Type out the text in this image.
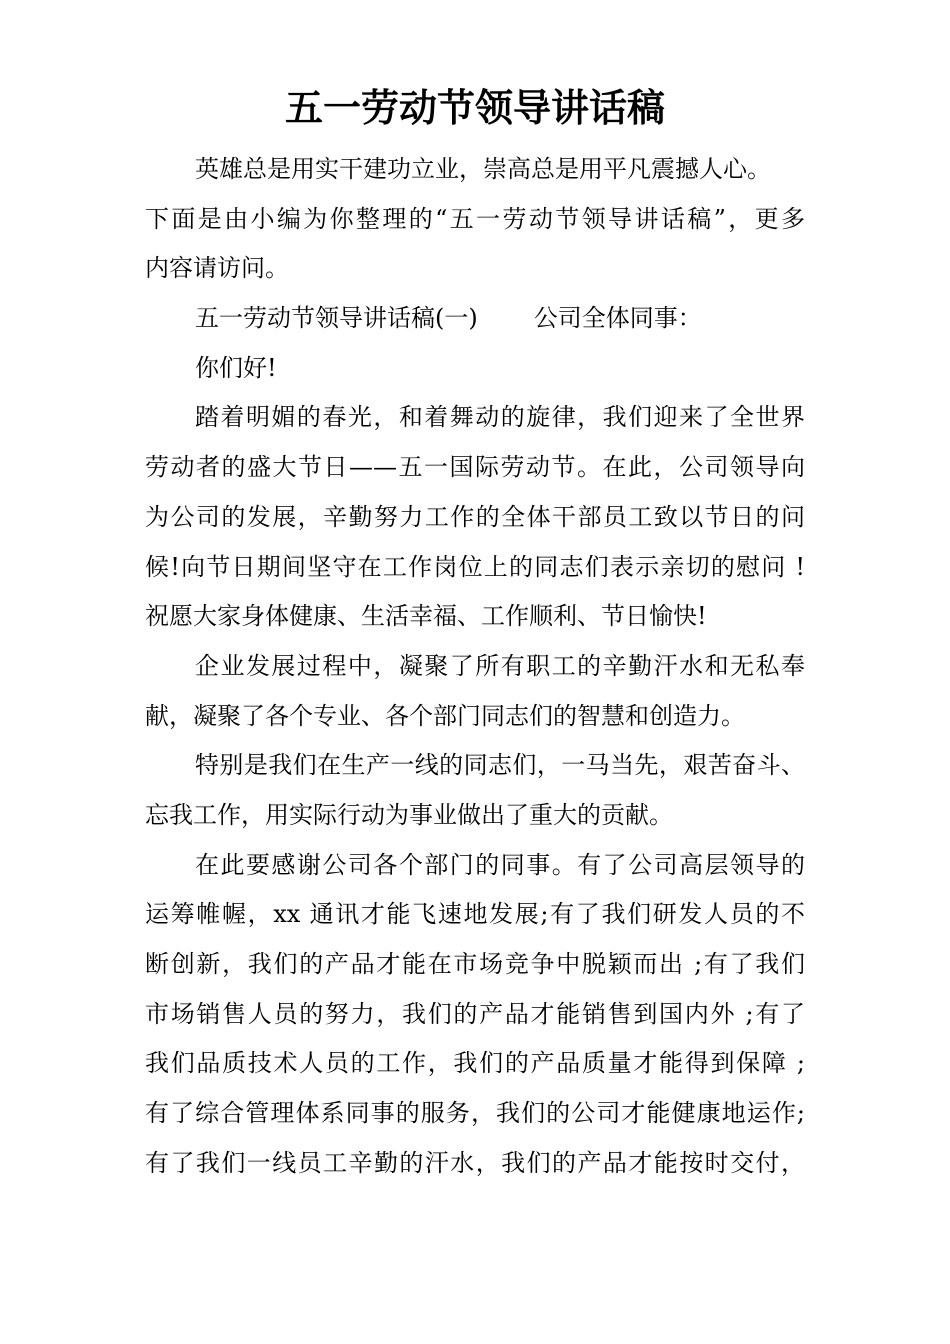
五一劳动节领导讲话稿
英雄总是用实干建功立业，崇高总是用平凡震撼人心。
下面是由小编为你整理的“五一劳动节领导讲话稿”，更多
内容请访问。
五一劳动节领导讲话稿(一) 公司全体同事：
你们好!
踏着明媚的春光，和着舞动的旋律，我们迎来了全世界
劳动者的盛大节日——五一国际劳动节。在此，公司领导向
为公司的发展，辛勤努力工作的全体干部员工致以节日的问
候!向节日期间坚守在工作岗位上的同志们表示亲切的慰问 !
祝愿大家身体健康、生活幸福、工作顺利、节日愉快!
企业发展过程中，凝聚了所有职工的辛勤汗水和无私奉
献，凝聚了各个专业、各个部门同志们的智慧和创造力。
特别是我们在生产一线的同志们，一马当先，艰苦奋斗、
忘我工作，用实际行动为事业做出了重大的贡献。
在此要感谢公司各个部门的同事。有了公司高层领导的
运筹帷幄，xx 通讯才能飞速地发展;有了我们研发人员的不
断创新，我们的产品才能在市场竞争中脱颖而出 ;有了我们
市场销售人员的努力，我们的产品才能销售到国内外 ;有了
我们品质技术人员的工作，我们的产品质量才能得到保障 ;
有了综合管理体系同事的服务，我们的公司才能健康地运作;
有了我们一线员工辛勤的汗水，我们的产品才能按时交付，
